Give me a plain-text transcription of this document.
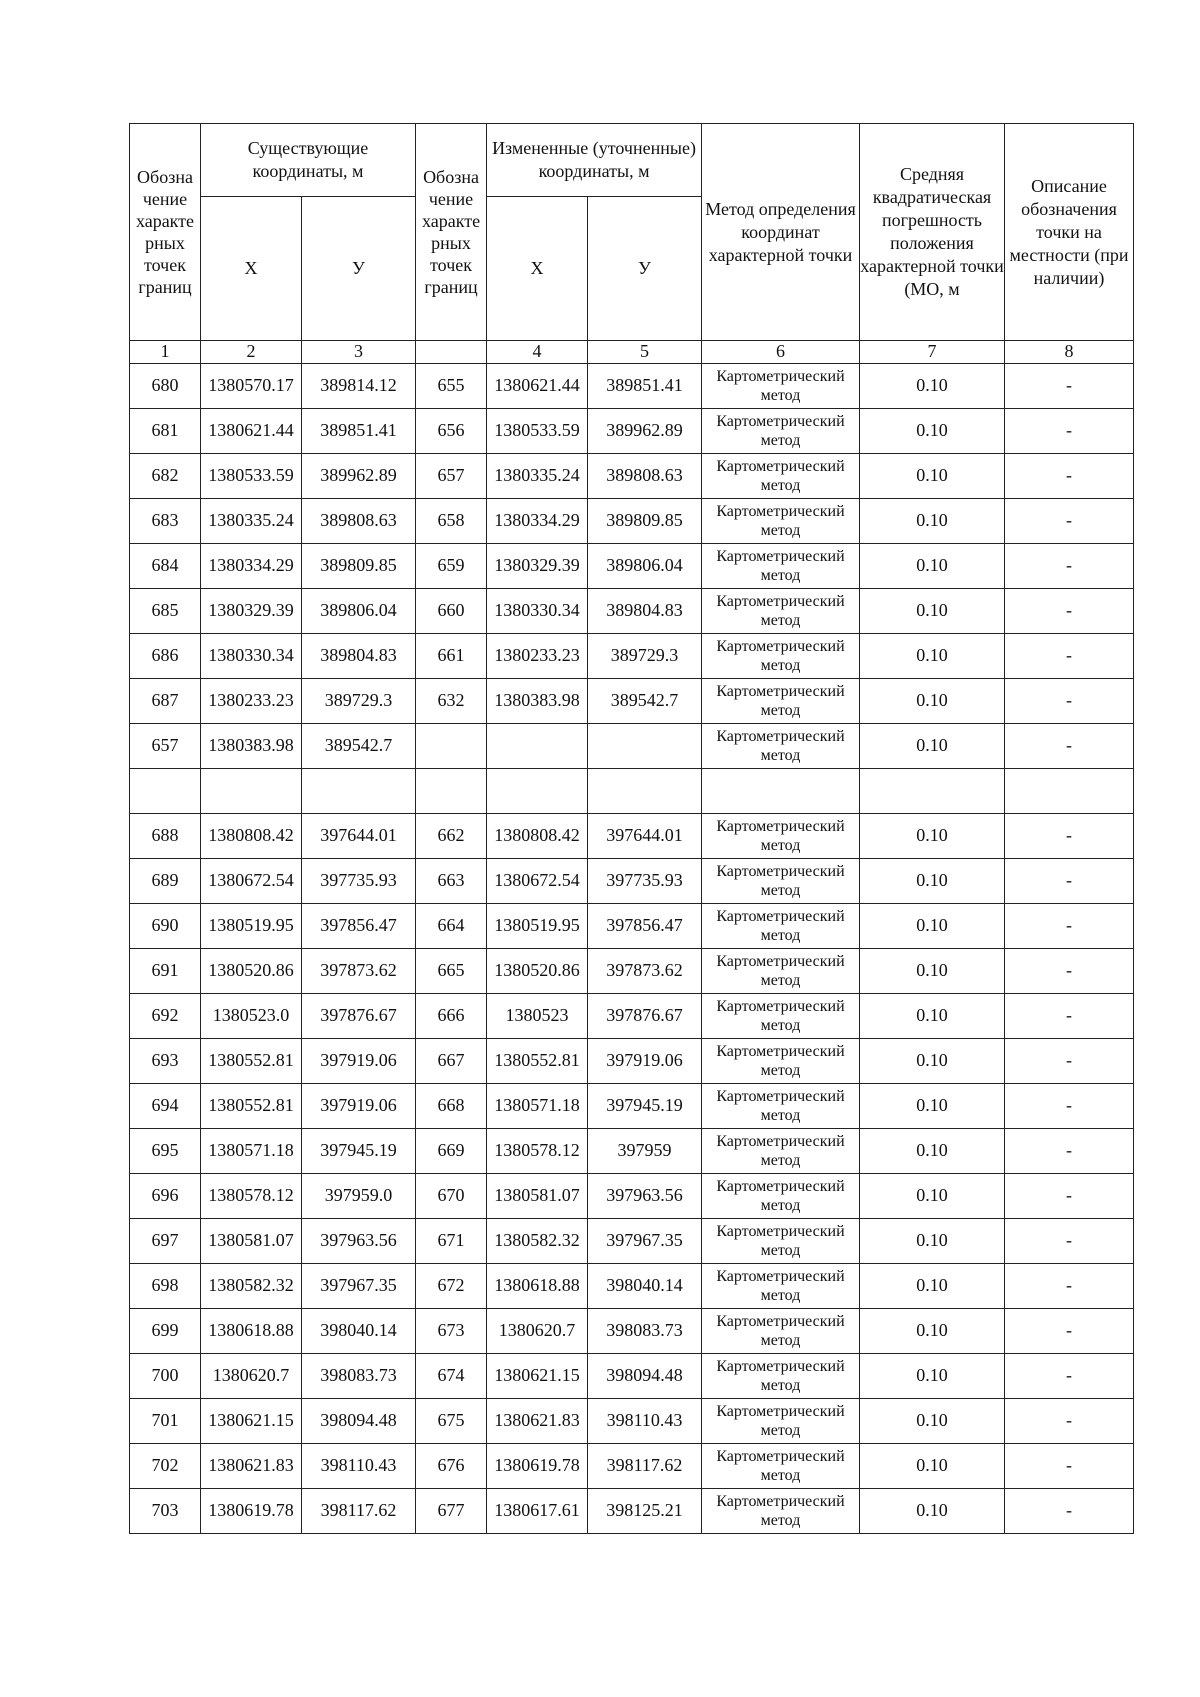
Обозна чение характе рных точек границ	Существующие координаты, м		Обозна чение характе рных точек границ	Измененные (уточненные) координаты, м		Метод определения координат характерной точки	Средняя квадратическая погрешность положения характерной точки (МО, м	Описание обозначения точки на местности (при наличии)
	Х	У		Х	У			
1	2	3		4	5	6	7	8
680	1380570.17	389814.12	655	1380621.44	389851.41	Картометрический метод	0.10	-
681	1380621.44	389851.41	656	1380533.59	389962.89	Картометрический метод	0.10	-
682	1380533.59	389962.89	657	1380335.24	389808.63	Картометрический метод	0.10	-
683	1380335.24	389808.63	658	1380334.29	389809.85	Картометрический метод	0.10	-
684	1380334.29	389809.85	659	1380329.39	389806.04	Картометрический метод	0.10	-
685	1380329.39	389806.04	660	1380330.34	389804.83	Картометрический метод	0.10	-
686	1380330.34	389804.83	661	1380233.23	389729.3	Картометрический метод	0.10	-
687	1380233.23	389729.3	632	1380383.98	389542.7	Картометрический метод	0.10	-
657	1380383.98	389542.7				Картометрический метод	0.10	-

688	1380808.42	397644.01	662	1380808.42	397644.01	Картометрический метод	0.10	-
689	1380672.54	397735.93	663	1380672.54	397735.93	Картометрический метод	0.10	-
690	1380519.95	397856.47	664	1380519.95	397856.47	Картометрический метод	0.10	-
691	1380520.86	397873.62	665	1380520.86	397873.62	Картометрический метод	0.10	-
692	1380523.0	397876.67	666	1380523	397876.67	Картометрический метод	0.10	-
693	1380552.81	397919.06	667	1380552.81	397919.06	Картометрический метод	0.10	-
694	1380552.81	397919.06	668	1380571.18	397945.19	Картометрический метод	0.10	-
695	1380571.18	397945.19	669	1380578.12	397959	Картометрический метод	0.10	-
696	1380578.12	397959.0	670	1380581.07	397963.56	Картометрический метод	0.10	-
697	1380581.07	397963.56	671	1380582.32	397967.35	Картометрический метод	0.10	-
698	1380582.32	397967.35	672	1380618.88	398040.14	Картометрический метод	0.10	-
699	1380618.88	398040.14	673	1380620.7	398083.73	Картометрический метод	0.10	-
700	1380620.7	398083.73	674	1380621.15	398094.48	Картометрический метод	0.10	-
701	1380621.15	398094.48	675	1380621.83	398110.43	Картометрический метод	0.10	-
702	1380621.83	398110.43	676	1380619.78	398117.62	Картометрический метод	0.10	-
703	1380619.78	398117.62	677	1380617.61	398125.21	Картометрический метод	0.10	-
